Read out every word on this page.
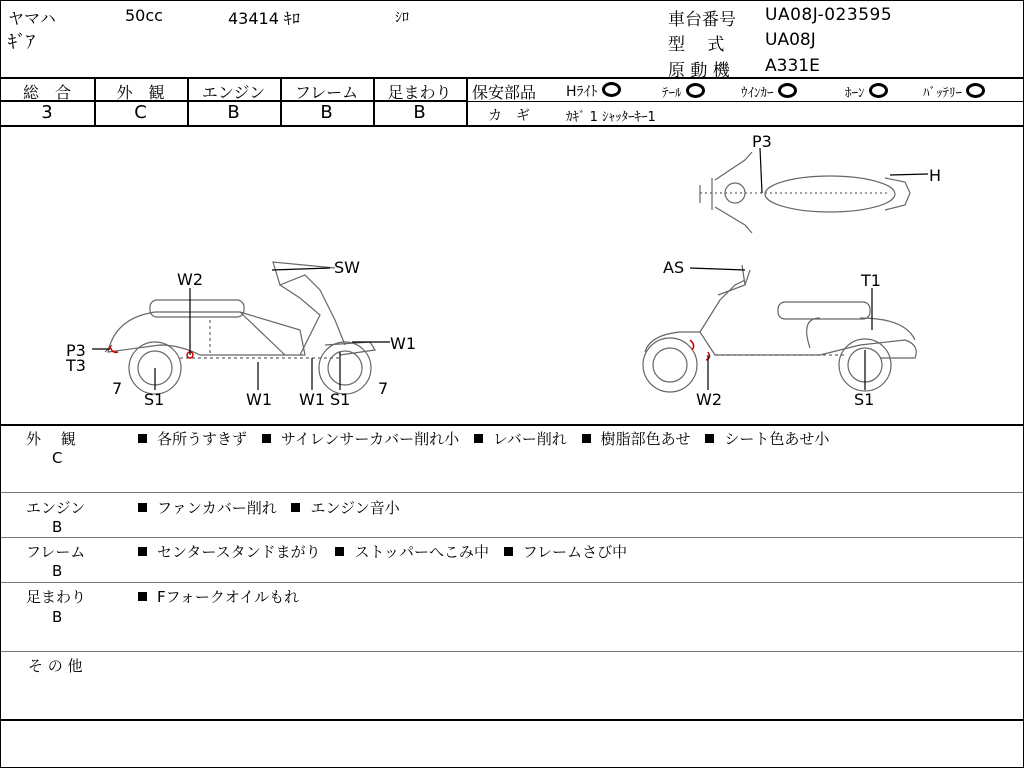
ヤマハ
ｷﾞｱ
50cc	43414 ｷﾛ	ｼﾛ	車台番号 UA08J-023595
型　 式 UA08J
原 動 機 A331E
総　合	外　観	エンジン	フレーム	足まわり
3	C	B	B	B
保安部品 Hﾗｲﾄ	ﾃｰﾙ	ｳｲﾝｶｰ	ﾎｰﾝ	ﾊﾞｯﾃﾘｰ
カ　ギ	ｶｷﾞ 1 ｼｬｯﾀｰｷｰ1
W2
SW
W1
P3
T3
7
S1	W1 W1 S1
7
AS
T1
W2	S1
P3
H
外　 観
C
各所うすきず サイレンサーカバー削れ小 レバー削れ 樹脂部色あせ シート色あせ小
エンジン
B
ファンカバー削れ エンジン音小
フレーム
B
センタースタンドまがり ストッパーへこみ中 フレームさび中
足まわり
B
Fフォークオイルもれ
そ の 他
